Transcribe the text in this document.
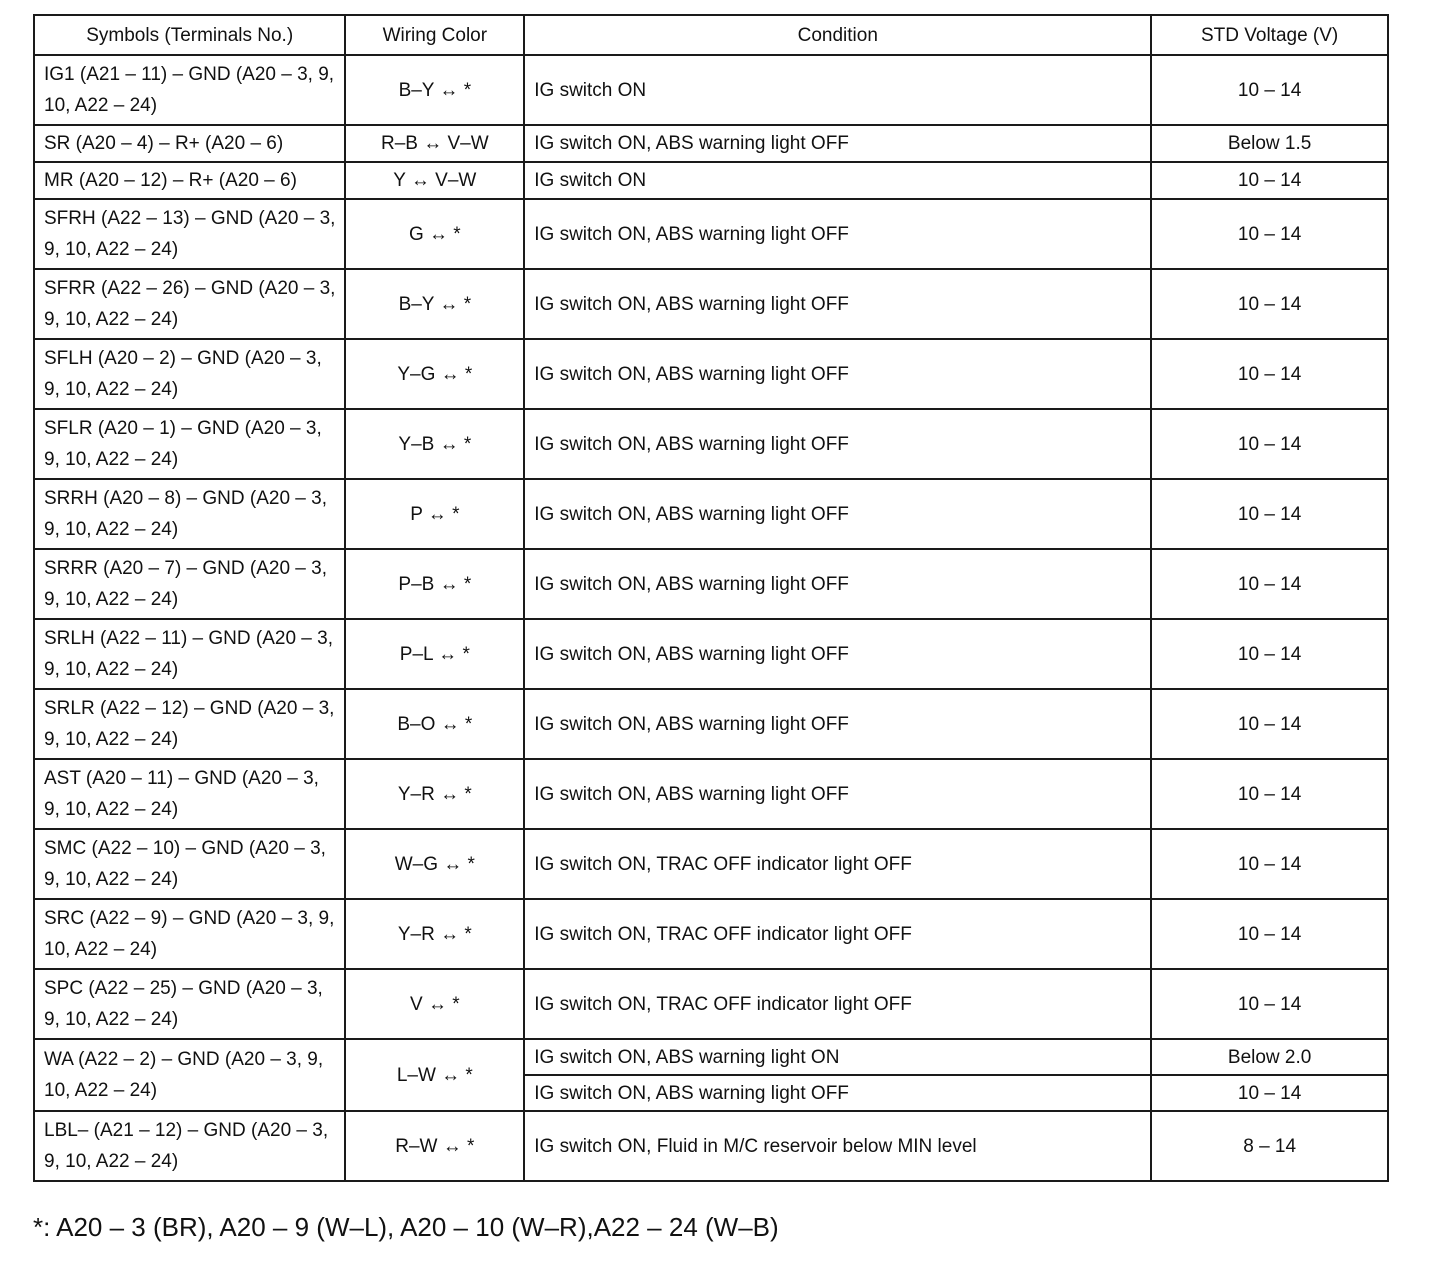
Symbols (Terminals No.)	Wiring Color	Condition	STD Voltage (V)
IG1 (A21 – 11) – GND (A20 – 3, 9, 10, A22 – 24)	B–Y ↔ *	IG switch ON	10 – 14
SR (A20 – 4) – R+ (A20 – 6)	R–B ↔ V–W	IG switch ON, ABS warning light OFF	Below 1.5
MR (A20 – 12) – R+ (A20 – 6)	Y ↔ V–W	IG switch ON	10 – 14
SFRH (A22 – 13) – GND (A20 – 3, 9, 10, A22 – 24)	G ↔ *	IG switch ON, ABS warning light OFF	10 – 14
SFRR (A22 – 26) – GND (A20 – 3, 9, 10, A22 – 24)	B–Y ↔ *	IG switch ON, ABS warning light OFF	10 – 14
SFLH (A20 – 2) – GND (A20 – 3, 9, 10, A22 – 24)	Y–G ↔ *	IG switch ON, ABS warning light OFF	10 – 14
SFLR (A20 – 1) – GND (A20 – 3, 9, 10, A22 – 24)	Y–B ↔ *	IG switch ON, ABS warning light OFF	10 – 14
SRRH (A20 – 8) – GND (A20 – 3, 9, 10, A22 – 24)	P ↔ *	IG switch ON, ABS warning light OFF	10 – 14
SRRR (A20 – 7) – GND (A20 – 3, 9, 10, A22 – 24)	P–B ↔ *	IG switch ON, ABS warning light OFF	10 – 14
SRLH (A22 – 11) – GND (A20 – 3, 9, 10, A22 – 24)	P–L ↔ *	IG switch ON, ABS warning light OFF	10 – 14
SRLR (A22 – 12) – GND (A20 – 3, 9, 10, A22 – 24)	B–O ↔ *	IG switch ON, ABS warning light OFF	10 – 14
AST (A20 – 11) – GND (A20 – 3, 9, 10, A22 – 24)	Y–R ↔ *	IG switch ON, ABS warning light OFF	10 – 14
SMC (A22 – 10) – GND (A20 – 3, 9, 10, A22 – 24)	W–G ↔ *	IG switch ON, TRAC OFF indicator light OFF	10 – 14
SRC (A22 – 9) – GND (A20 – 3, 9, 10, A22 – 24)	Y–R ↔ *	IG switch ON, TRAC OFF indicator light OFF	10 – 14
SPC (A22 – 25) – GND (A20 – 3, 9, 10, A22 – 24)	V ↔ *	IG switch ON, TRAC OFF indicator light OFF	10 – 14
WA (A22 – 2) – GND (A20 – 3, 9, 10, A22 – 24)	L–W ↔ *	IG switch ON, ABS warning light ON	Below 2.0
		IG switch ON, ABS warning light OFF	10 – 14
LBL– (A21 – 12) – GND (A20 – 3, 9, 10, A22 – 24)	R–W ↔ *	IG switch ON, Fluid in M/C reservoir below MIN level	8 – 14
*: A20 – 3 (BR), A20 – 9 (W–L), A20 – 10 (W–R),A22 – 24 (W–B)
